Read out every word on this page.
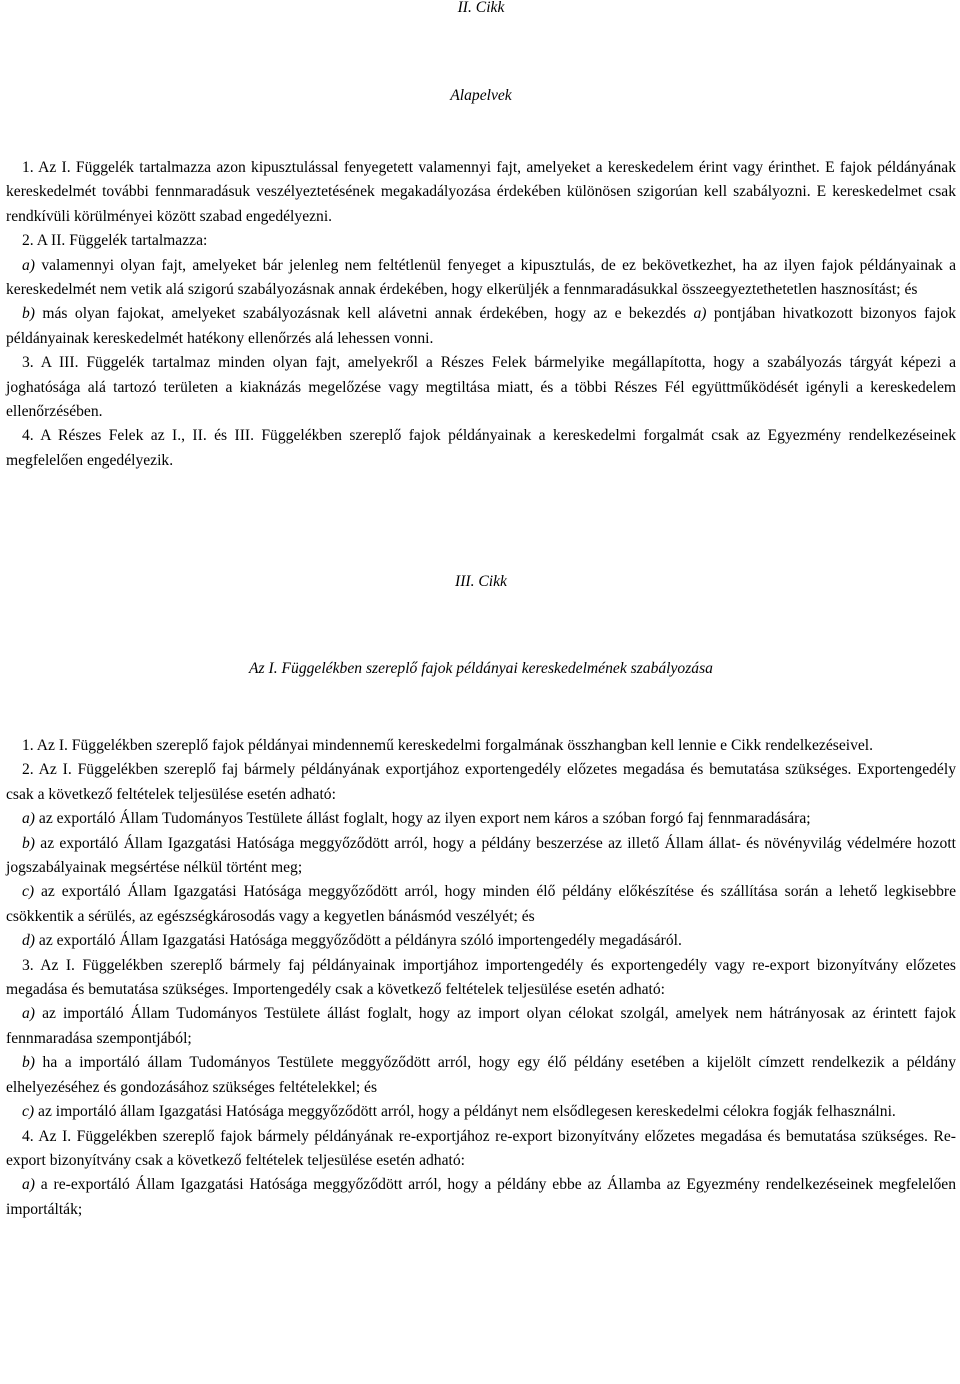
II. Cikk
Alapelvek

1. Az I. Függelék tartalmazza azon kipusztulással fenyegetett valamennyi fajt, amelyeket a kereskedelem érint vagy érinthet. E fajok példányának kereskedelmét további fennmaradásuk veszélyeztetésének megakadályozása érdekében különösen szigorúan kell szabályozni. E kereskedelmet csak rendkívüli körülményei között szabad engedélyezni.

2. A II. Függelék tartalmazza:

a) valamennyi olyan fajt, amelyeket bár jelenleg nem feltétlenül fenyeget a kipusztulás, de ez bekövetkezhet, ha az ilyen fajok példányainak a kereskedelmét nem vetik alá szigorú szabályozásnak annak érdekében, hogy elkerüljék a fennmaradásukkal összeegyeztethetetlen hasznosítást; és

b) más olyan fajokat, amelyeket szabályozásnak kell alávetni annak érdekében, hogy az e bekezdés a) pontjában hivatkozott bizonyos fajok példányainak kereskedelmét hatékony ellenőrzés alá lehessen vonni.

3. A III. Függelék tartalmaz minden olyan fajt, amelyekről a Részes Felek bármelyike megállapította, hogy a szabályozás tárgyát képezi a joghatósága alá tartozó területen a kiaknázás megelőzése vagy megtiltása miatt, és a többi Részes Fél együttműködését igényli a kereskedelem ellenőrzésében.

4. A Részes Felek az I., II. és III. Függelékben szereplő fajok példányainak a kereskedelmi forgalmát csak az Egyezmény rendelkezéseinek megfelelően engedélyezik.

III. Cikk
Az I. Függelékben szereplő fajok példányai kereskedelmének szabályozása

1. Az I. Függelékben szereplő fajok példányai mindennemű kereskedelmi forgalmának összhangban kell lennie e Cikk rendelkezéseivel.

2. Az I. Függelékben szereplő faj bármely példányának exportjához exportengedély előzetes megadása és bemutatása szükséges. Exportengedély csak a következő feltételek teljesülése esetén adható:

a) az exportáló Állam Tudományos Testülete állást foglalt, hogy az ilyen export nem káros a szóban forgó faj fennmaradására;

b) az exportáló Állam Igazgatási Hatósága meggyőződött arról, hogy a példány beszerzése az illető Állam állat- és növényvilág védelmére hozott jogszabályainak megsértése nélkül történt meg;

c) az exportáló Állam Igazgatási Hatósága meggyőződött arról, hogy minden élő példány előkészítése és szállítása során a lehető legkisebbre csökkentik a sérülés, az egészségkárosodás vagy a kegyetlen bánásmód veszélyét; és

d) az exportáló Állam Igazgatási Hatósága meggyőződött a példányra szóló importengedély megadásáról.

3. Az I. Függelékben szereplő bármely faj példányainak importjához importengedély és exportengedély vagy re-export bizonyítvány előzetes megadása és bemutatása szükséges. Importengedély csak a következő feltételek teljesülése esetén adható:

a) az importáló Állam Tudományos Testülete állást foglalt, hogy az import olyan célokat szolgál, amelyek nem hátrányosak az érintett fajok fennmaradása szempontjából;

b) ha a importáló állam Tudományos Testülete meggyőződött arról, hogy egy élő példány esetében a kijelölt címzett rendelkezik a példány elhelyezéséhez és gondozásához szükséges feltételekkel; és

c) az importáló állam Igazgatási Hatósága meggyőződött arról, hogy a példányt nem elsődlegesen kereskedelmi célokra fogják felhasználni.

4. Az I. Függelékben szereplő fajok bármely példányának re-exportjához re-export bizonyítvány előzetes megadása és bemutatása szükséges. Re-export bizonyítvány csak a következő feltételek teljesülése esetén adható:

a) a re-exportáló Állam Igazgatási Hatósága meggyőződött arról, hogy a példány ebbe az Államba az Egyezmény rendelkezéseinek megfelelően importálták;
